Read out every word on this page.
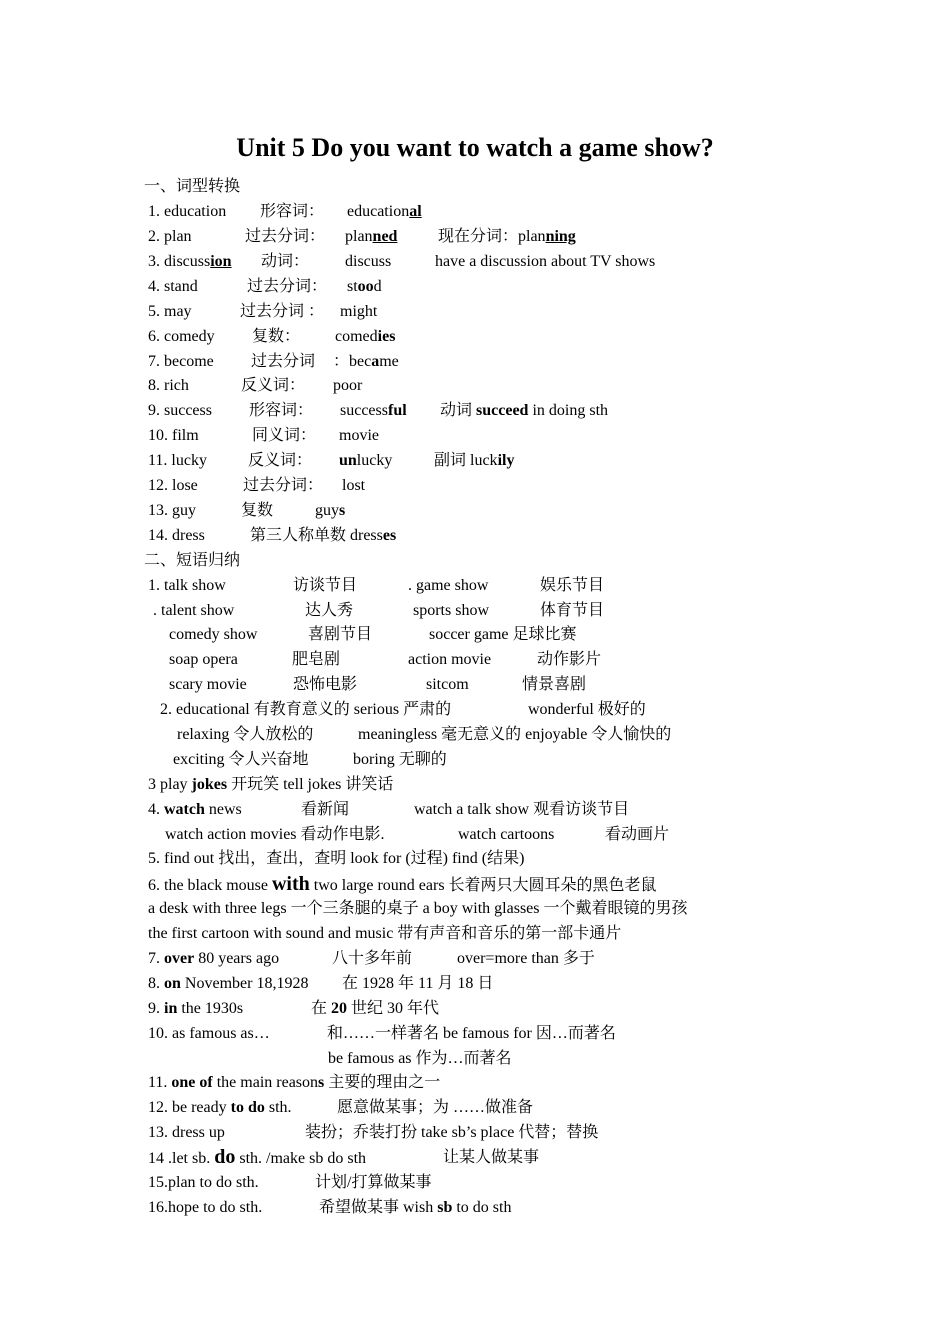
Unit 5 Do you want to watch a game show?
一、词型转换
1. education 形容词： educational
2. plan	过去分词： planned	现在分词：planning
3. discussion 动词： discuss	have a discussion about TV shows
4. stand	过去分词： stood
5. may	过去分词 ： might
6. comedy 复数： comedies
7. become 过去分词 ：became
8. rich	反义词： poor
9. success 形容词： successful 动词 succeed in doing sth
10. film	同义词： movie
11. lucky	反义词： unlucky	副词 luckily
12. lose	过去分词： lost
13. guy	复数	guys
14. dress	第三人称单数 dresses
二、短语归纳
1. talk show	访谈节目	. game show	娱乐节目
. talent show	达人秀	sports show	体育节目
comedy show	喜剧节目	soccer game 足球比赛
soap opera	肥皂剧	action movie	动作影片
scary movie	恐怖电影	sitcom	情景喜剧
2. educational 有教育意义的 serious 严肃的	wonderful 极好的
relaxing 令人放松的	meaningless 毫无意义的 enjoyable 令人愉快的
exciting 令人兴奋地	boring 无聊的
3 play jokes 开玩笑 tell jokes 讲笑话
4. watch news	看新闻	watch a talk show 观看访谈节目
watch action movies 看动作电影.	watch cartoons	看动画片
5. find out 找出，查出，查明 look for (过程) find (结果)
6. the black mouse with two large round ears 长着两只大圆耳朵的黑色老鼠
a desk with three legs 一个三条腿的桌子 a boy with glasses 一个戴着眼镜的男孩
the first cartoon with sound and music 带有声音和音乐的第一部卡通片
7. over 80 years ago	八十多年前	over=more than 多于
8. on November 18,1928 在 1928 年 11 月 18 日
9. in the 1930s	在 20 世纪 30 年代
10. as famous as…	和……一样著名 be famous for 因…而著名
be famous as 作为…而著名
11. one of the main reasons 主要的理由之一
12. be ready to do sth.	愿意做某事；为 ……做准备
13. dress up	装扮；乔装打扮 take sb’s place 代替；替换
14 .let sb. do sth. /make sb do sth	让某人做某事
15.plan to do sth.	计划/打算做某事
16.hope to do sth.	希望做某事 wish sb to do sth
